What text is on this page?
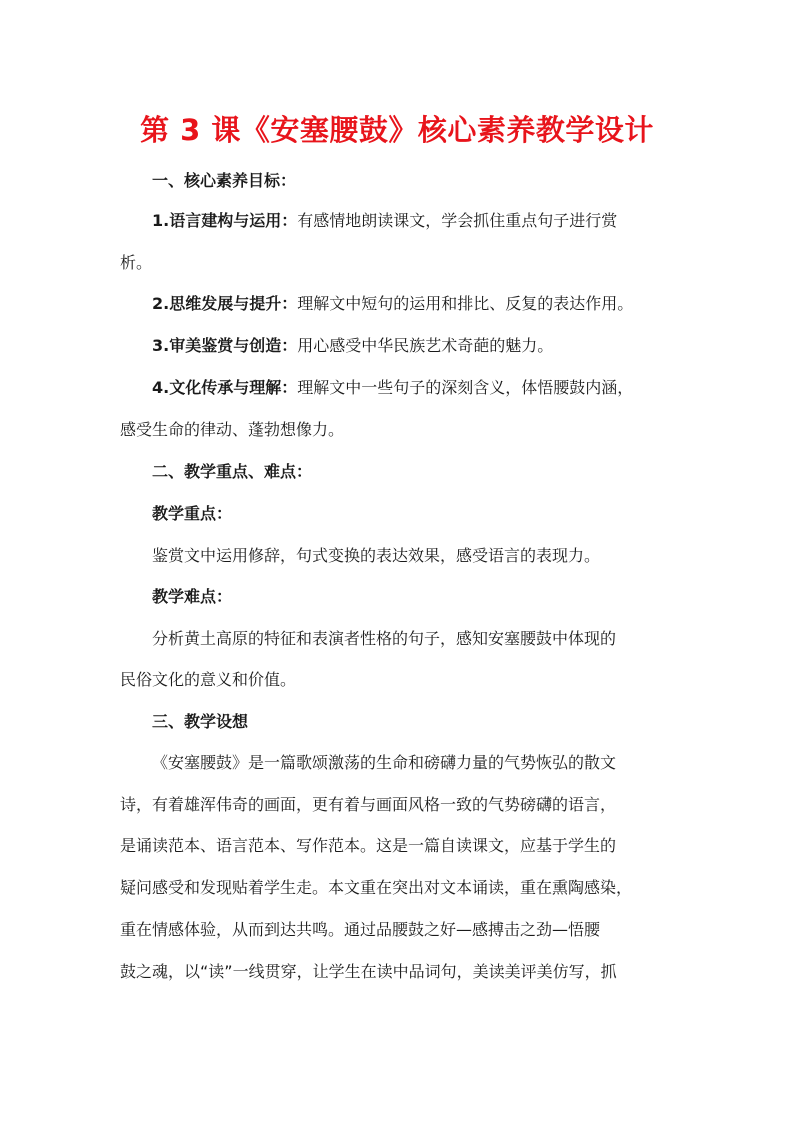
第 3 课《安塞腰鼓》核心素养教学设计
一、核心素养目标：
1.语言建构与运用：有感情地朗读课文，学会抓住重点句子进行赏
析。
2.思维发展与提升：理解文中短句的运用和排比、反复的表达作用。
3.审美鉴赏与创造：用心感受中华民族艺术奇葩的魅力。
4.文化传承与理解：理解文中一些句子的深刻含义，体悟腰鼓内涵，
感受生命的律动、蓬勃想像力。
二、教学重点、难点：
教学重点：
鉴赏文中运用修辞，句式变换的表达效果，感受语言的表现力。
教学难点：
分析黄土高原的特征和表演者性格的句子，感知安塞腰鼓中体现的
民俗文化的意义和价值。
三、教学设想
《安塞腰鼓》是一篇歌颂激荡的生命和磅礴力量的气势恢弘的散文
诗，有着雄浑伟奇的画面，更有着与画面风格一致的气势磅礴的语言，
是诵读范本、语言范本、写作范本。这是一篇自读课文，应基于学生的
疑问感受和发现贴着学生走。本文重在突出对文本诵读，重在熏陶感染，
重在情感体验，从而到达共鸣。通过品腰鼓之好—感搏击之劲—悟腰
鼓之魂，以“读”一线贯穿，让学生在读中品词句，美读美评美仿写，抓
